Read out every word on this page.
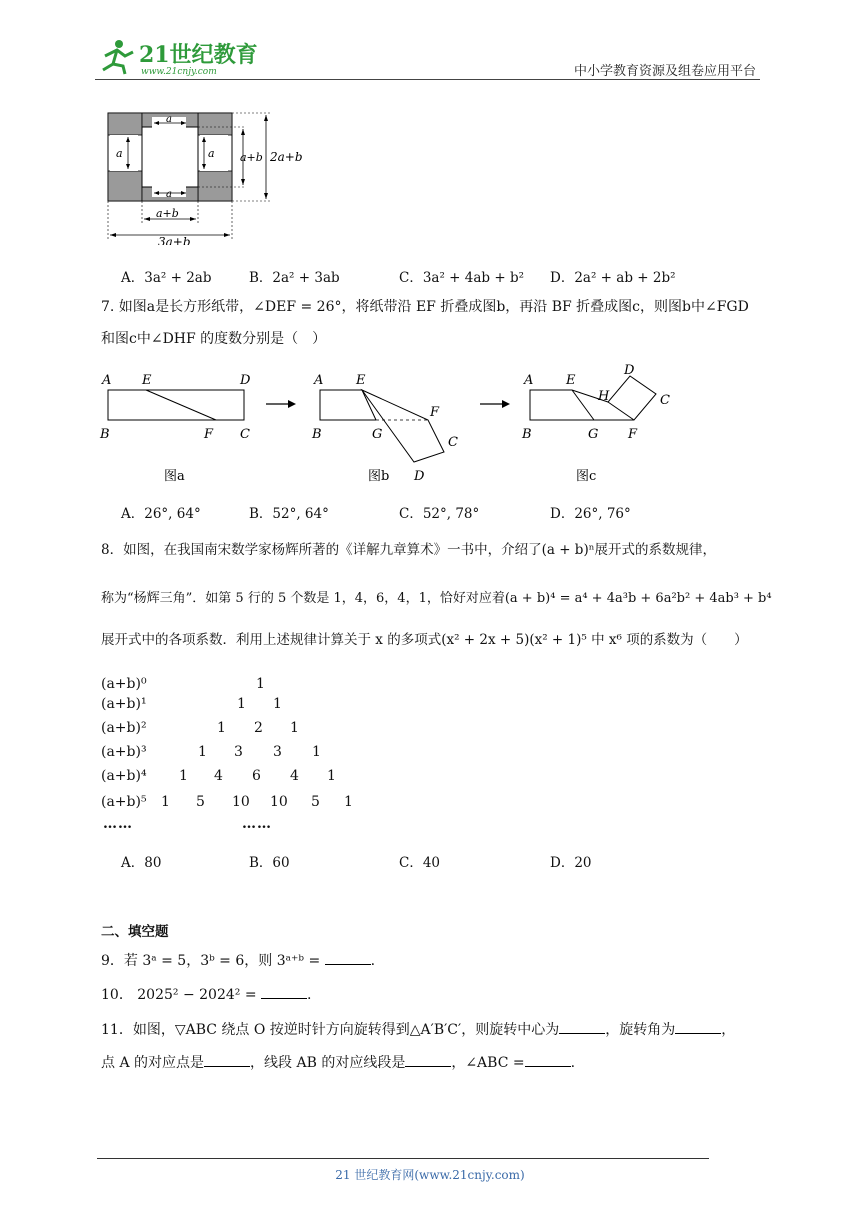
21世纪教育
www.21cnjy.com	中小学教育资源及组卷应用平台
a
a
a	a a+b 2a+b
a+b
3a+b
A．3a² + 2ab	B．2a² + 3ab	C．3a² + 4ab + b² D．2a² + ab + 2b²
7. 如图a是长方形纸带，∠DEF = 26°，将纸带沿 EF 折叠成图b，再沿 BF 折叠成图c，则图b中∠FGD
和图c中∠DHF 的度数分别是（　）
A E	D
B	F C
图a
A	E
F
B	G
C
D
图b
A	E
H
D
C
B	G F
图c
A．26°, 64°	B．52°, 64°	C．52°, 78°	D．26°, 76°
8．如图，在我国南宋数学家杨辉所著的《详解九章算术》一书中，介绍了(a + b)ⁿ展开式的系数规律，
称为“杨辉三角”．如第 5 行的 5 个数是 1，4，6，4，1，恰好对应着(a + b)⁴ = a⁴ + 4a³b + 6a²b² + 4ab³ + b⁴
展开式中的各项系数．利用上述规律计算关于 x 的多项式(x² + 2x + 5)(x² + 1)⁵ 中 x⁶ 项的系数为（　　）
(a+b)⁰	1
(a+b)¹	1 1
(a+b)²	1 2 1
(a+b)³	1 3 3 1
(a+b)⁴ 1 4 6 4 1
(a+b)⁵ 1 5 10 10 5 1
……	……
A．80	B．60	C．40	D．20
二、填空题
9．若 3ᵃ = 5，3ᵇ = 6，则 3ᵃ⁺ᵇ =	.
10． 2025² − 2024² =	.
11．如图，▽ABC 绕点 O 按逆时针方向旋转得到△A′B′C′，则旋转中心为	，旋转角为	，
点 A 的对应点是	，线段 AB 的对应线段是	，∠ABC =	.
21 世纪教育网(www.21cnjy.com)
